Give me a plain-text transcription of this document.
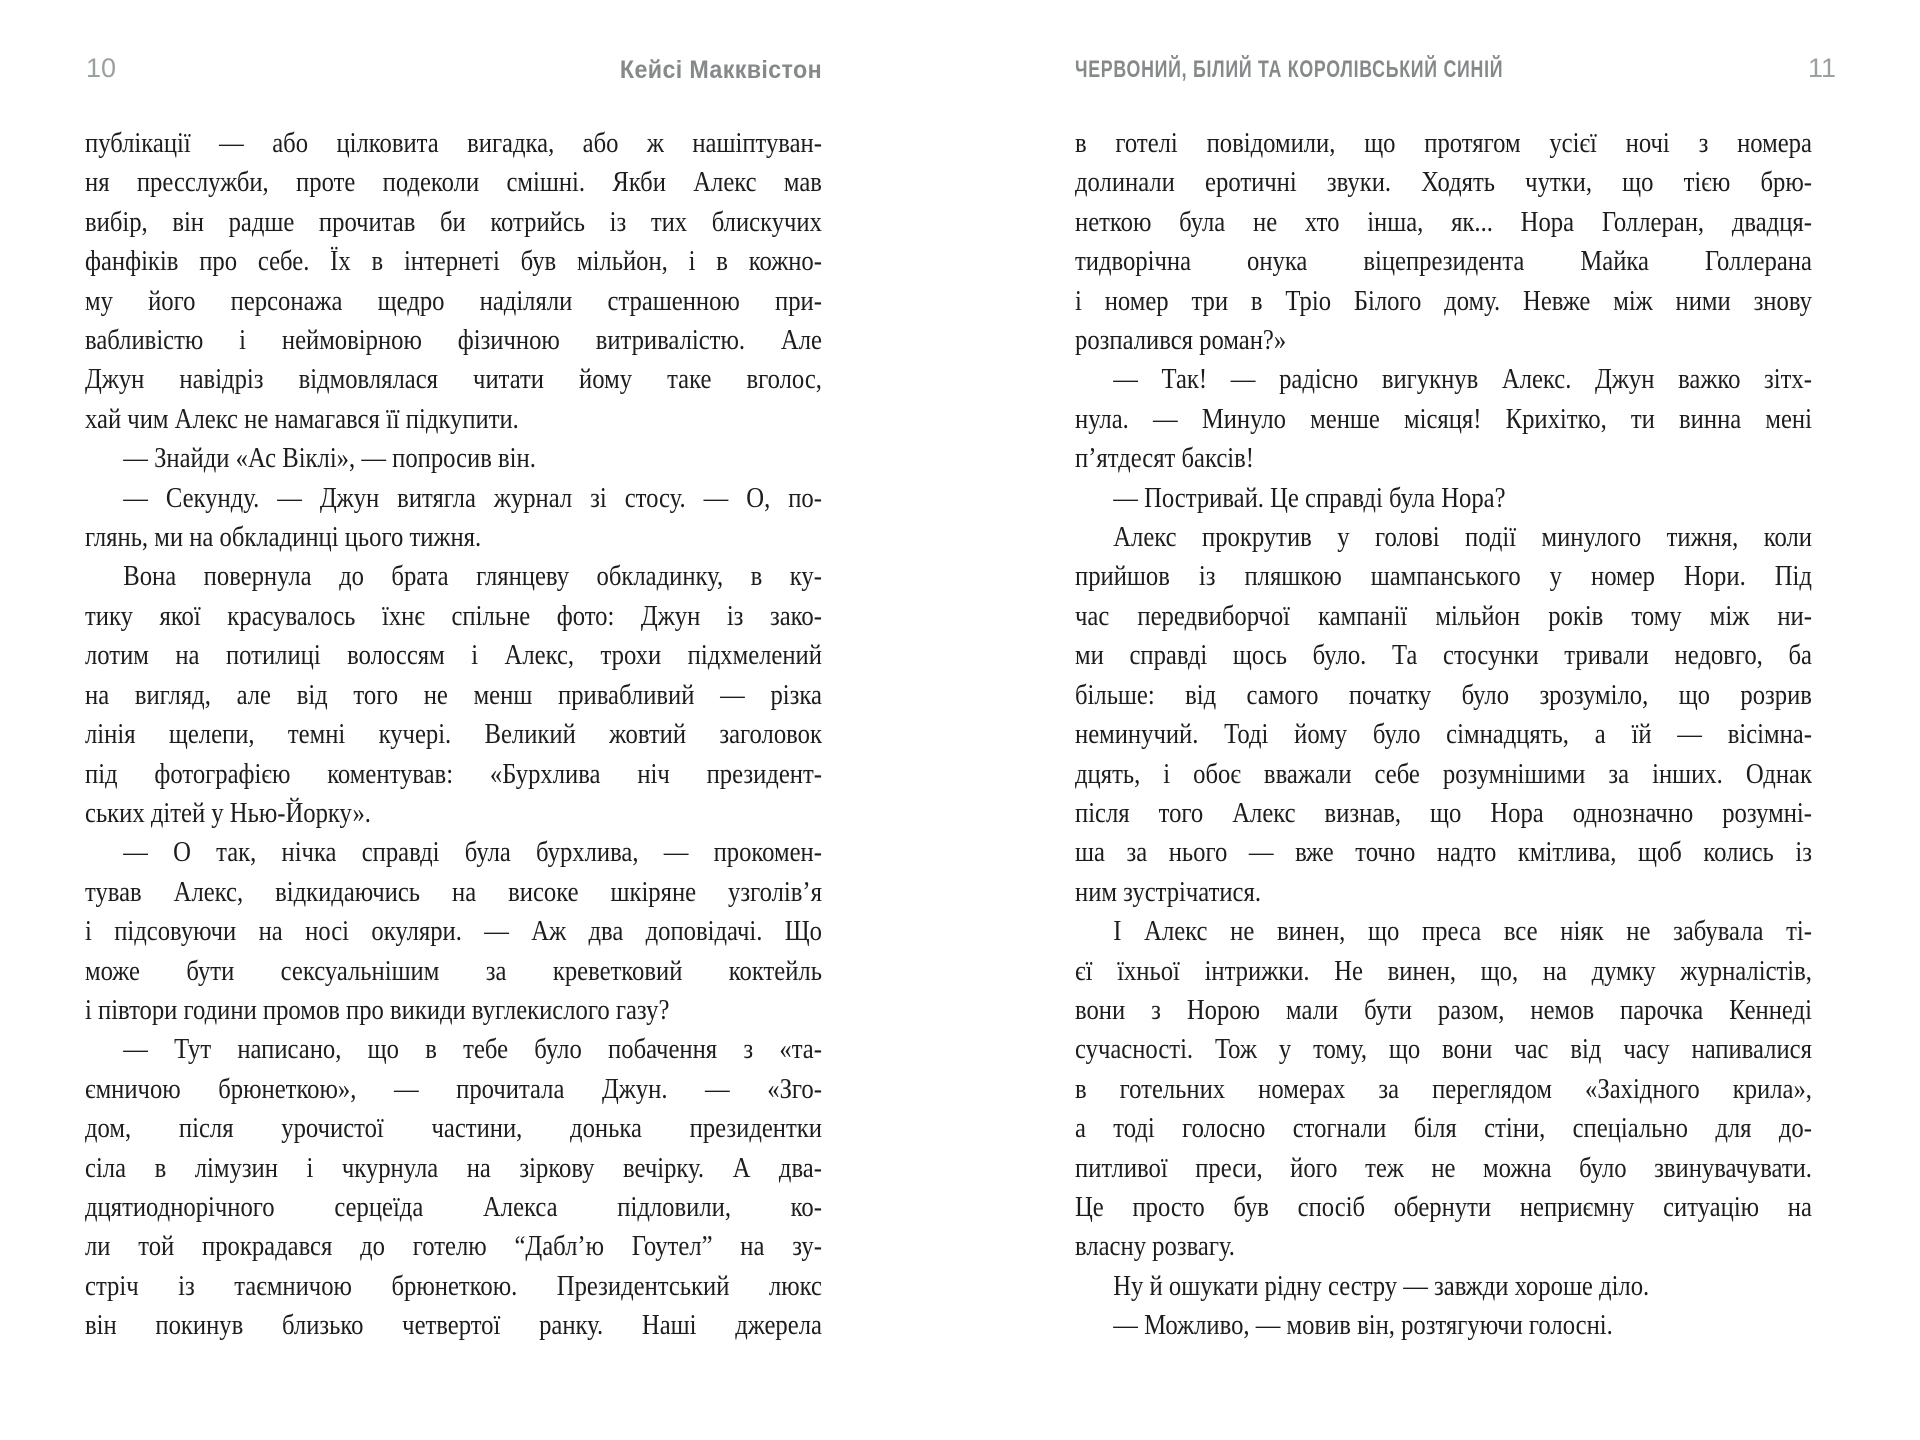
10	Кейсі Макквістон	ЧЕРВОНИЙ, БІЛИЙ ТА КОРОЛІВСЬКИЙ СИНІЙ	11
публікації — або цілковита вигадка, або ж нашіптуван-
ня пресслужби, проте подеколи смішні. Якби Алекс мав
вибір, він радше прочитав би котрийсь із тих блискучих
фанфіків про себе. Їх в інтернеті був мільйон, і в кожно-
му його персонажа щедро наділяли страшенною при-
вабливістю і неймовірною фізичною витривалістю. Але
Джун навідріз відмовлялася читати йому таке вголос,
хай чим Алекс не намагався її підкупити.
— Знайди «Ас Віклі», — попросив він.
— Секунду. — Джун витягла журнал зі стосу. — О, по-
глянь, ми на обкладинці цього тижня.
Вона повернула до брата глянцеву обкладинку, в ку-
тику якої красувалось їхнє спільне фото: Джун із зако-
лотим на потилиці волоссям і Алекс, трохи підхмелений
на вигляд, але від того не менш привабливий — різка
лінія щелепи, темні кучері. Великий жовтий заголовок
під фотографією коментував: «Бурхлива ніч президент-
ських дітей у Нью-Йорку».
— О так, нічка справді була бурхлива, — прокомен-
тував Алекс, відкидаючись на високе шкіряне узголів’я
і підсовуючи на носі окуляри. — Аж два доповідачі. Що
може бути сексуальнішим за креветковий коктейль
і півтори години промов про викиди вуглекислого газу?
— Тут написано, що в тебе було побачення з «та-
ємничою брюнеткою», — прочитала Джун. — «Зго-
дом, після урочистої частини, донька президентки
сіла в лімузин і чкурнула на зіркову вечірку. А два-
дцятиоднорічного серцеїда Алекса підловили, ко-
ли той прокрадався до готелю “Дабл’ю Гоутел” на зу-
стріч із таємничою брюнеткою. Президентський люкс
він покинув близько четвертої ранку. Наші джерела
в готелі повідомили, що протягом усієї ночі з номера
долинали еротичні звуки. Ходять чутки, що тією брю-
неткою була не хто інша, як... Нора Голлеран, двадця-
тидворічна онука віцепрезидента Майка Голлерана
і номер три в Тріо Білого дому. Невже між ними знову
розпалився роман?»
— Так! — радісно вигукнув Алекс. Джун важко зітх-
нула. — Минуло менше місяця! Крихітко, ти винна мені
п’ятдесят баксів!
— Постривай. Це справді була Нора?
Алекс прокрутив у голові події минулого тижня, коли
прийшов із пляшкою шампанського у номер Нори. Під
час передвиборчої кампанії мільйон років тому між ни-
ми справді щось було. Та стосунки тривали недовго, ба
більше: від самого початку було зрозуміло, що розрив
неминучий. Тоді йому було сімнадцять, а їй — вісімна-
дцять, і обоє вважали себе розумнішими за інших. Однак
після того Алекс визнав, що Нора однозначно розумні-
ша за нього — вже точно надто кмітлива, щоб колись із
ним зустрічатися.
І Алекс не винен, що преса все ніяк не забувала ті-
єї їхньої інтрижки. Не винен, що, на думку журналістів,
вони з Норою мали бути разом, немов парочка Кеннеді
сучасності. Тож у тому, що вони час від часу напивалися
в готельних номерах за переглядом «Західного крила»,
а тоді голосно стогнали біля стіни, спеціально для до-
питливої преси, його теж не можна було звинувачувати.
Це просто був спосіб обернути неприємну ситуацію на
власну розвагу.
Ну й ошукати рідну сестру — завжди хороше діло.
— Можливо, — мовив він, розтягуючи голосні.
